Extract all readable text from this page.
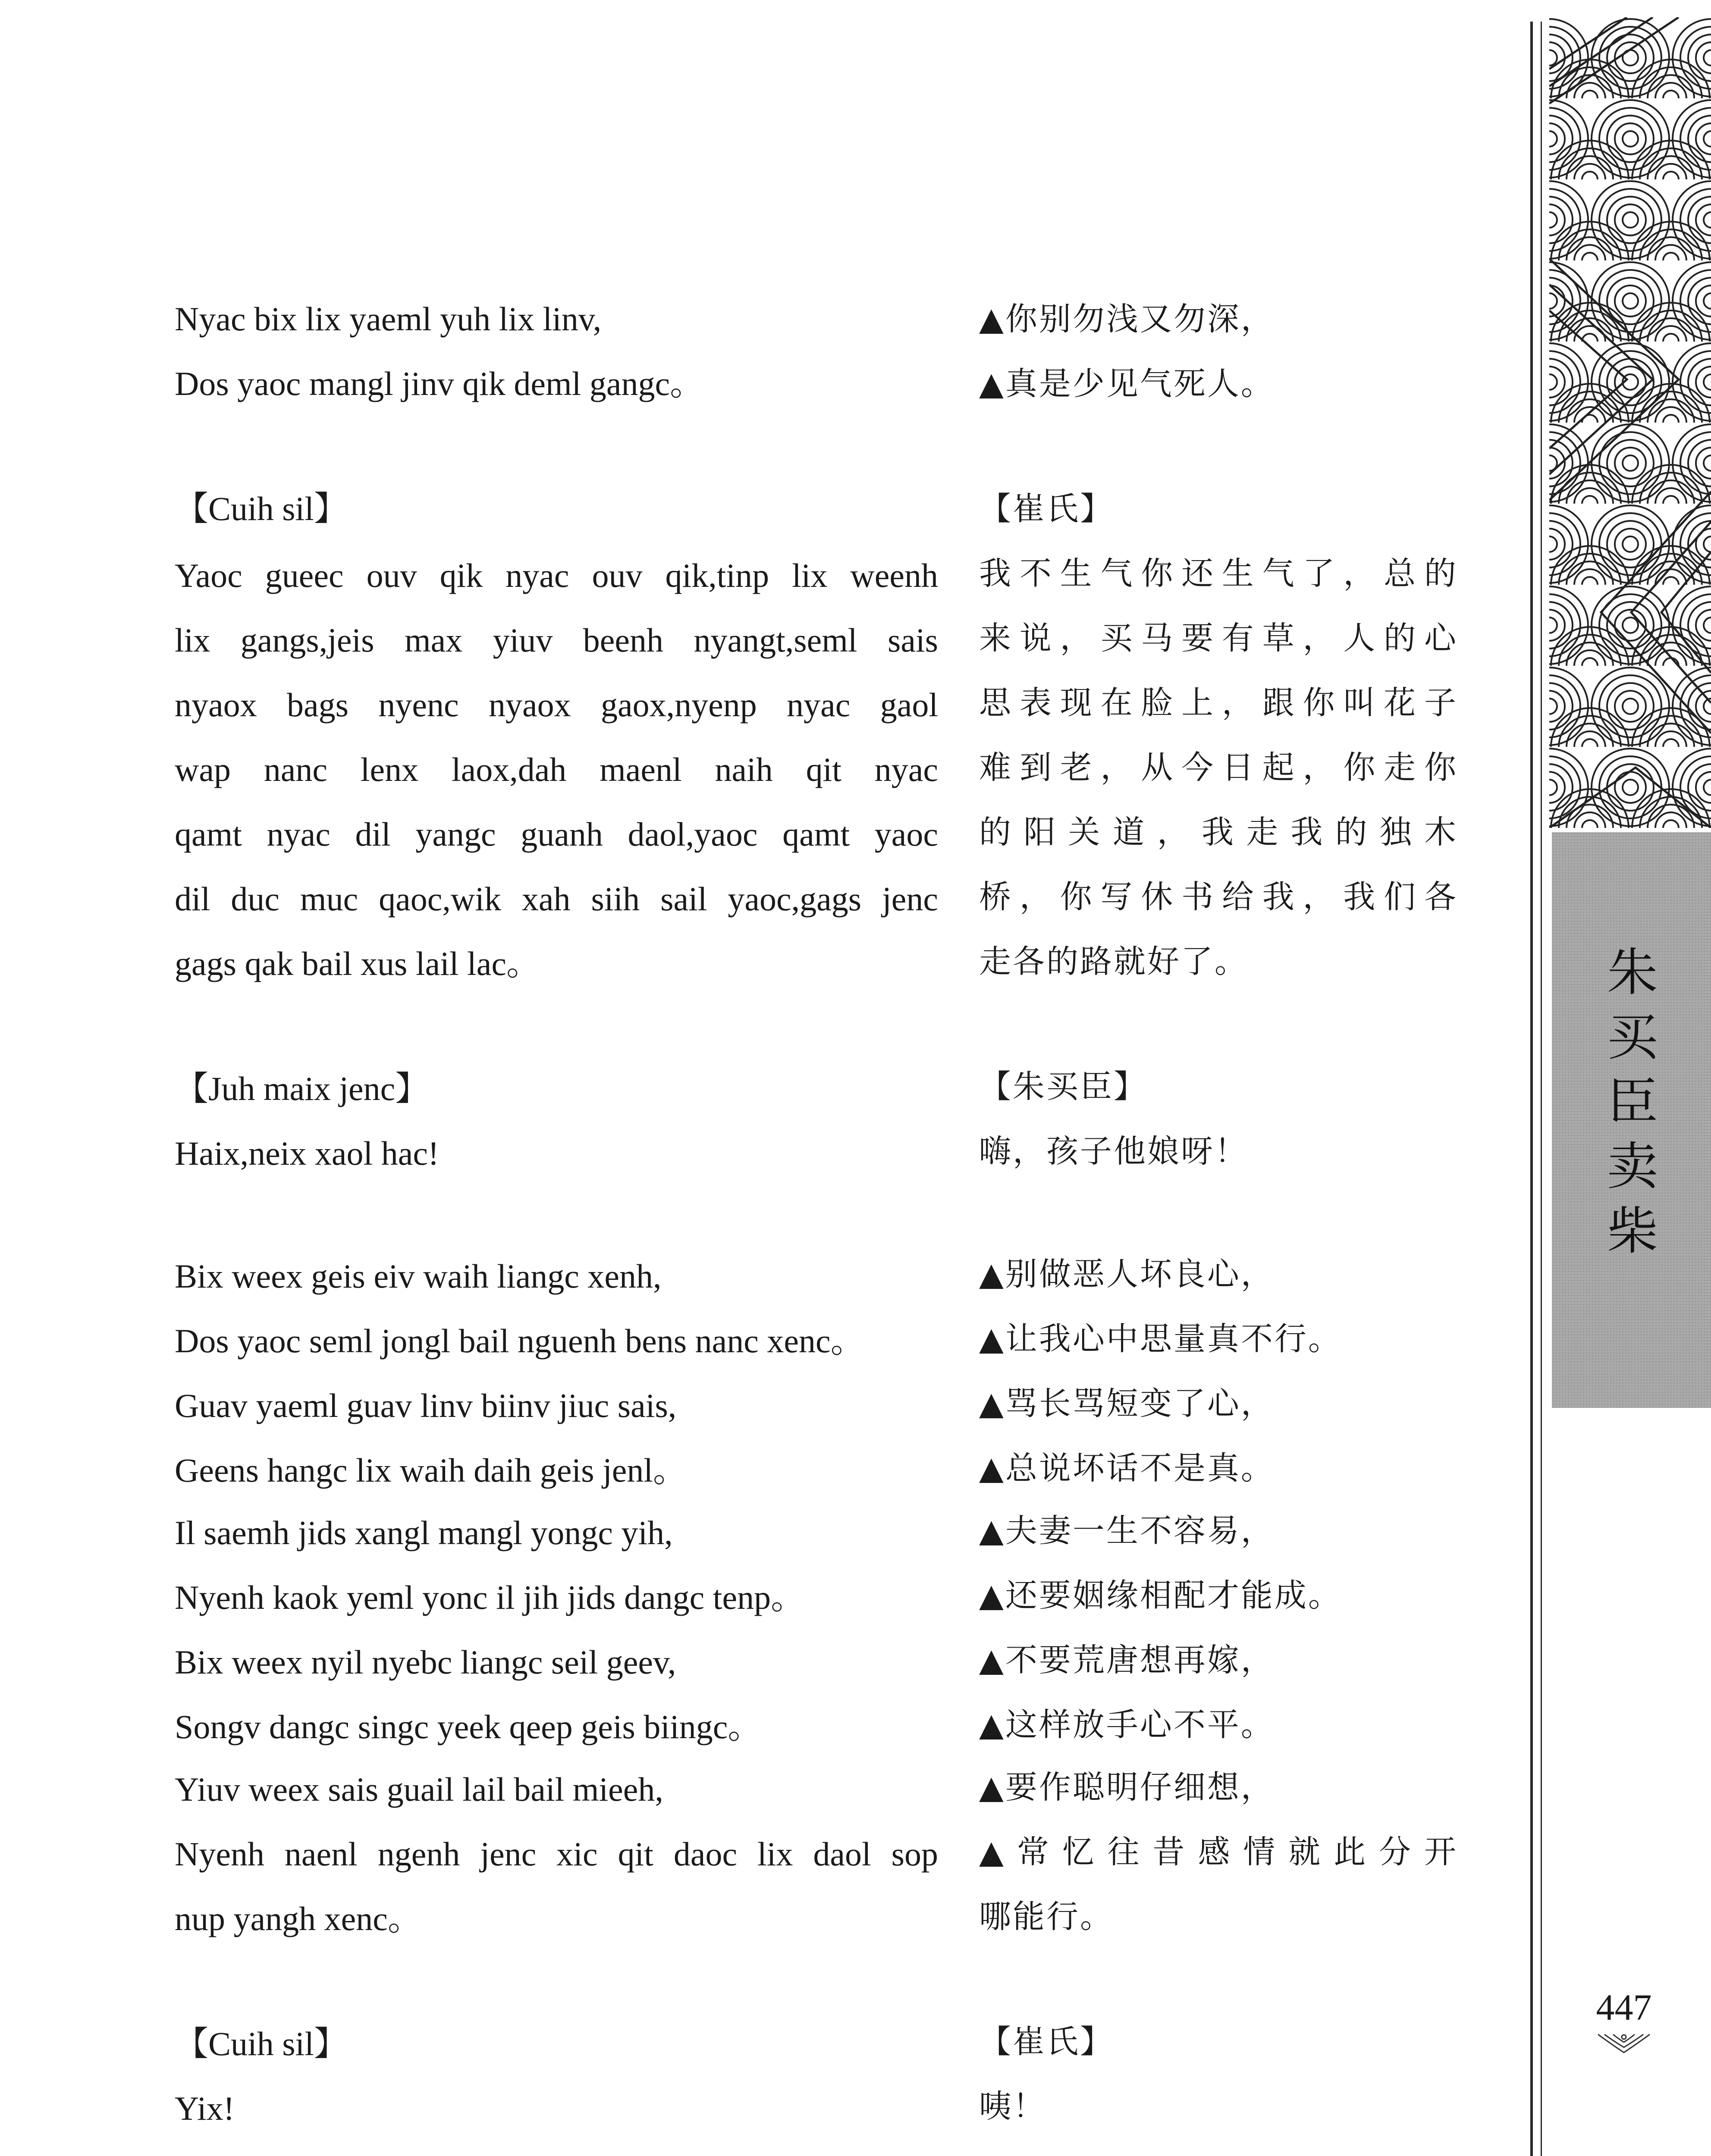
Nyac bix lix yaeml yuh lix linv,
Dos yaoc mangl jinv qik deml gangc。
【Cuih sil】
Yaoc gueec ouv qik nyac ouv qik,tinp lix weenh
lix gangs,jeis max yiuv beenh nyangt,seml sais
nyaox bags nyenc nyaox gaox,nyenp nyac gaol
wap nanc lenx laox,dah maenl naih qit nyac
qamt nyac dil yangc guanh daol,yaoc qamt yaoc
dil duc muc qaoc,wik xah siih sail yaoc,gags jenc
gags qak bail xus lail lac。
【Juh maix jenc】
Haix,neix xaol hac!
Bix weex geis eiv waih liangc xenh,
Dos yaoc seml jongl bail nguenh bens nanc xenc。
Guav yaeml guav linv biinv jiuc sais,
Geens hangc lix waih daih geis jenl。
Il saemh jids xangl mangl yongc yih,
Nyenh kaok yeml yonc il jih jids dangc tenp。
Bix weex nyil nyebc liangc seil geev,
Songv dangc singc yeek qeep geis biingc。
Yiuv weex sais guail lail bail mieeh,
Nyenh naenl ngenh jenc xic qit daoc lix daol sop
nup yangh xenc。
【Cuih sil】
Yix!
▲你别勿浅又勿深，
▲真是少见气死人。
【崔氏】
我不生气你还生气了，总的
来说，买马要有草，人的心
思表现在脸上，跟你叫花子
难到老，从今日起，你走你
的阳关道，我走我的独木
桥，你写休书给我，我们各
走各的路就好了。
【朱买臣】
嗨，孩子他娘呀！
▲别做恶人坏良心，
▲让我心中思量真不行。
▲骂长骂短变了心，
▲总说坏话不是真。
▲夫妻一生不容易，
▲还要姻缘相配才能成。
▲不要荒唐想再嫁，
▲这样放手心不平。
▲要作聪明仔细想，
▲常忆往昔感情就此分开
哪能行。
【崔氏】
咦！
朱
买
臣
卖
柴
447
